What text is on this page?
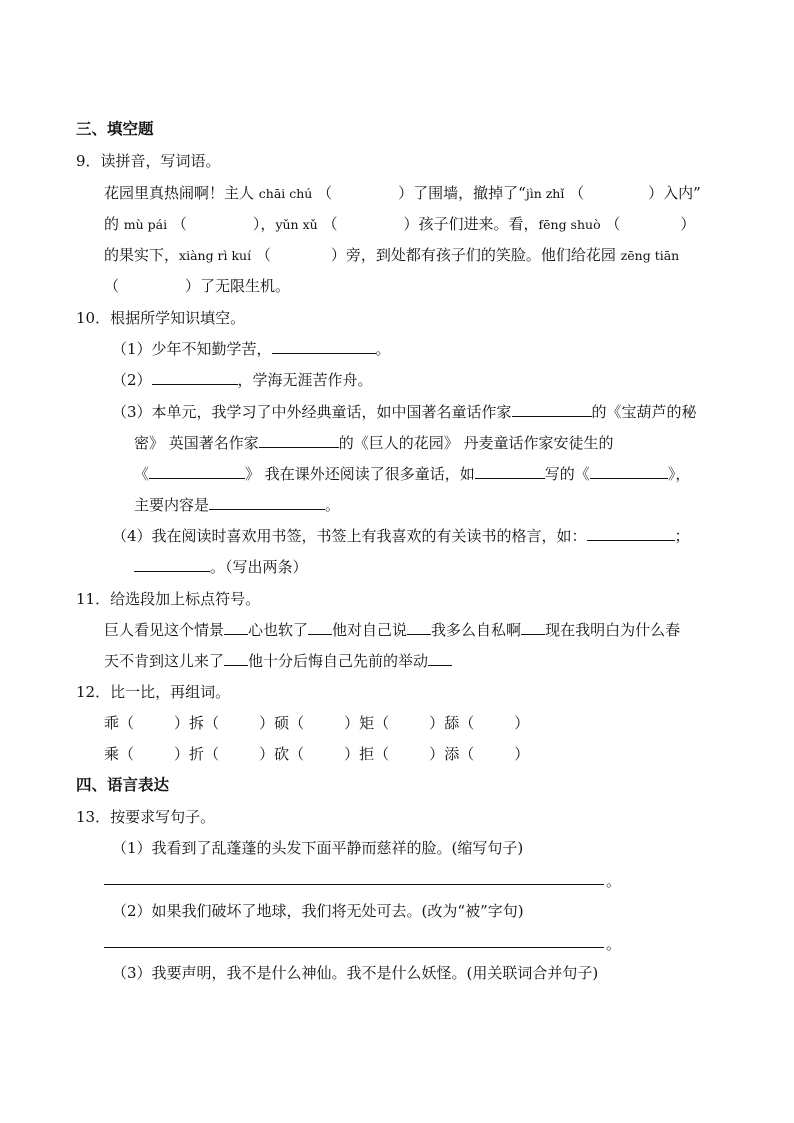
三、填空题
9．读拼音，写词语。
花园里真热闹啊！主人 chāi chú （	）了围墙，撤掉了“jìn zhǐ （	）入内”
的 mù pái （	），yǔn xǔ （	）孩子们进来。看，fēng shuò （	）
的果实下，xiàng rì kuí （	）旁，到处都有孩子们的笑脸。他们给花园 zēng tiān
（	）了无限生机。
10．根据所学知识填空。
（1）少年不知勤学苦，	。
（2）	，学海无涯苦作舟。
（3）本单元，我学习了中外经典童话，如中国著名童话作家	的《宝葫芦的秘
密》 英国著名作家	的《巨人的花园》 丹麦童话作家安徒生的
《	》 我在课外还阅读了很多童话，如	写的《	》，
主要内容是	。
（4）我在阅读时喜欢用书签，书签上有我喜欢的有关读书的格言，如：	；
。（写出两条）
11．给选段加上标点符号。
巨人看见这个情景 心也软了 他对自己说 我多么自私啊 现在我明白为什么春
天不肯到这儿来了 他十分后悔自己先前的举动
12．比一比，再组词。
乖（	）拆（	）硕（	）矩（	）舔（	）
乘（	）折（	）砍（	）拒（	）添（	）
四、语言表达
13．按要求写句子。
（1）我看到了乱蓬蓬的头发下面平静而慈祥的脸。(缩写句子)
。
（2）如果我们破坏了地球，我们将无处可去。(改为“被”字句)
。
（3）我要声明，我不是什么神仙。我不是什么妖怪。(用关联词合并句子)
